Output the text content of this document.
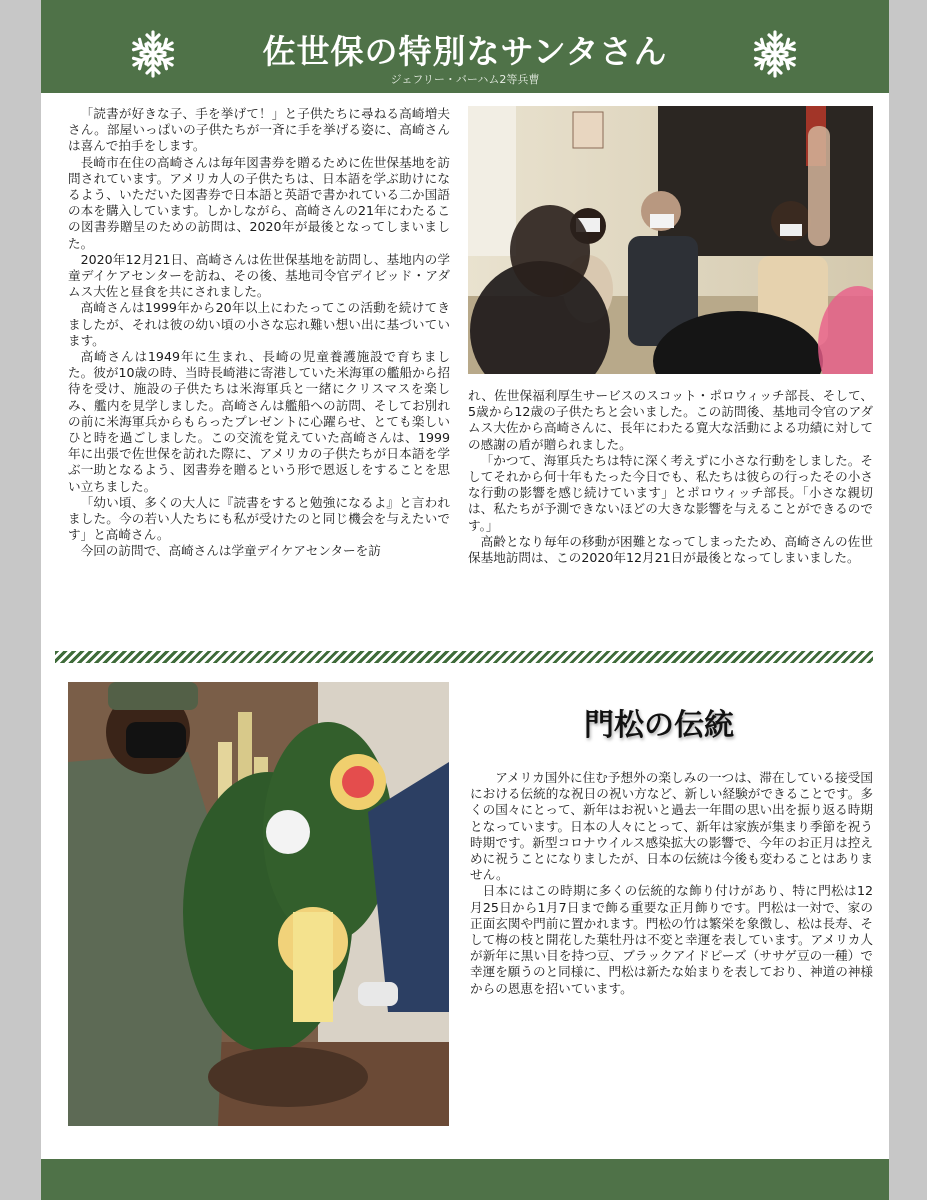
佐世保の特別なサンタさん
ジェフリー・バーハム2等兵曹

「読書が好きな子、手を挙げて！」と子供たちに尋ねる高崎増夫さん。部屋いっぱいの子供たちが一斉に手を挙げる姿に、高崎さんは喜んで拍手をします。

長崎市在住の高崎さんは毎年図書券を贈るために佐世保基地を訪問されています。アメリカ人の子供たちは、日本語を学ぶ助けになるよう、いただいた図書券で日本語と英語で書かれている二か国語の本を購入しています。しかしながら、高崎さんの21年にわたるこの図書券贈呈のための訪問は、2020年が最後となってしまいました。

2020年12月21日、高崎さんは佐世保基地を訪問し、基地内の学童デイケアセンターを訪ね、その後、基地司令官デイビッド・アダムス大佐と昼食を共にされました。

高崎さんは1999年から20年以上にわたってこの活動を続けてきましたが、それは彼の幼い頃の小さな忘れ難い想い出に基づいています。

高崎さんは1949年に生まれ、長崎の児童養護施設で育ちました。彼が10歳の時、当時長崎港に寄港していた米海軍の艦船から招待を受け、施設の子供たちは米海軍兵と一緒にクリスマスを楽しみ、艦内を見学しました。高崎さんは艦船への訪問、そしてお別れの前に米海軍兵からもらったプレゼントに心躍らせ、とても楽しいひと時を過ごしました。この交流を覚えていた高崎さんは、1999年に出張で佐世保を訪れた際に、アメリカの子供たちが日本語を学ぶ一助となるよう、図書券を贈るという形で恩返しをすることを思い立ちました。

「幼い頃、多くの大人に『読書をすると勉強になるよ』と言われました。今の若い人たちにも私が受けたのと同じ機会を与えたいです」と高崎さん。

今回の訪問で、高崎さんは学童デイケアセンターを訪

れ、佐世保福利厚生サービスのスコット・ポロウィッチ部長、そして、5歳から12歳の子供たちと会いました。この訪問後、基地司令官のアダムス大佐から高崎さんに、長年にわたる寛大な活動による功績に対して の感謝の盾が贈られました。

「かつて、海軍兵たちは特に深く考えずに小さな行動をしました。そしてそれから何十年もたった今日でも、私たちは彼らの行ったその小さな行動の影響を感じ続けています」とポロウィッチ部長。「小さな親切は、私たちが予測できないほどの大きな影響を与えることができるのです。」

高齢となり毎年の移動が困難となってしまったため、高崎さんの佐世保基地訪問は、この2020年12月21日が最後となってしまいました。

門松の伝統

アメリカ国外に住む予想外の楽しみの一つは、滞在している接受国における伝統的な祝日の祝い方など、新しい経験ができることです。多くの国々にとって、新年はお祝いと過去一年間の思い出を振り返る時期となっています。日本の人々にとって、新年は家族が集まり季節を祝う時期です。新型コロナウイルス感染拡大の影響で、今年のお正月は控えめに祝うことになりましたが、日本の伝統は今後も変わることはありません。

日本にはこの時期に多くの伝統的な飾り付けがあり、特に門松は12月25日から1月7日まで飾る重要な正月飾りです。門松は一対で、家の正面玄関や門前に置かれます。門松の竹は繁栄を象徴し、松は長寿、そして梅の枝と開花した葉牡丹は不変と幸運を表しています。アメリカ人が新年に黒い目を持つ豆、ブラックアイドピーズ（ササゲ豆の一種）で幸運を願うのと同様に、門松は新たな始まりを表しており、神道の神様からの恩恵を招いています。
